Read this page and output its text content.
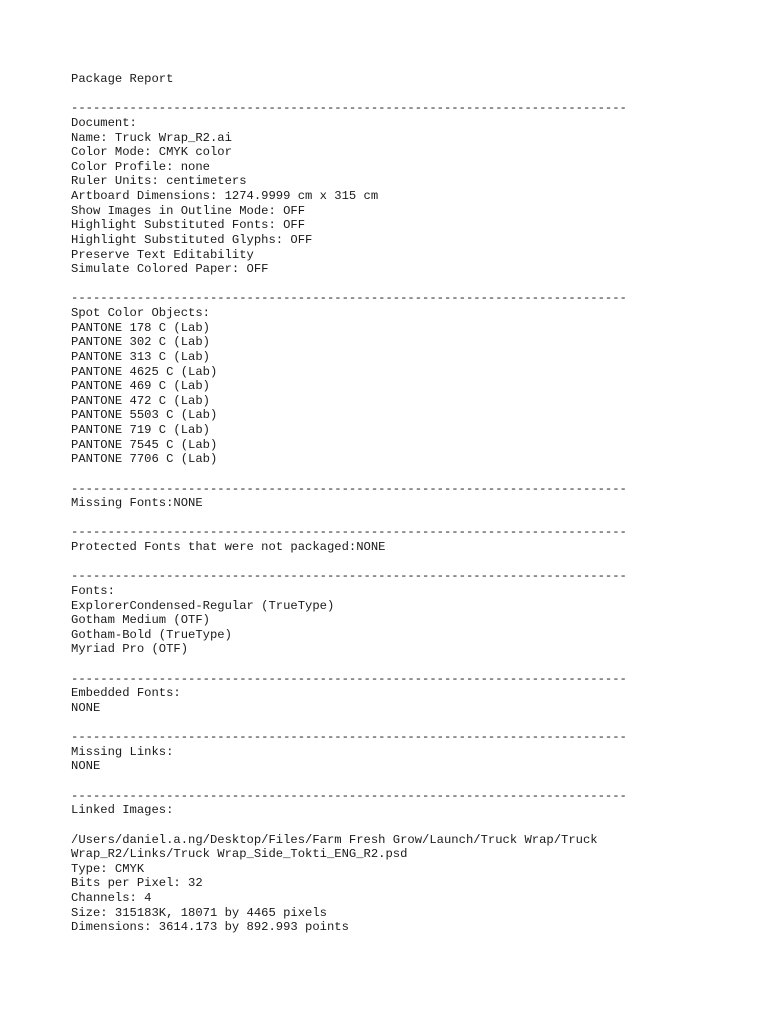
Package Report
----------------------------------------------------------------------------
Document:
Name: Truck Wrap_R2.ai
Color Mode: CMYK color
Color Profile: none
Ruler Units: centimeters
Artboard Dimensions: 1274.9999 cm x 315 cm
Show Images in Outline Mode: OFF
Highlight Substituted Fonts: OFF
Highlight Substituted Glyphs: OFF
Preserve Text Editability
Simulate Colored Paper: OFF
----------------------------------------------------------------------------
Spot Color Objects:
PANTONE 178 C (Lab)
PANTONE 302 C (Lab)
PANTONE 313 C (Lab)
PANTONE 4625 C (Lab)
PANTONE 469 C (Lab)
PANTONE 472 C (Lab)
PANTONE 5503 C (Lab)
PANTONE 719 C (Lab)
PANTONE 7545 C (Lab)
PANTONE 7706 C (Lab)
----------------------------------------------------------------------------
Missing Fonts:NONE
----------------------------------------------------------------------------
Protected Fonts that were not packaged:NONE
----------------------------------------------------------------------------
Fonts:
ExplorerCondensed-Regular (TrueType)
Gotham Medium (OTF)
Gotham-Bold (TrueType)
Myriad Pro (OTF)
----------------------------------------------------------------------------
Embedded Fonts:
NONE
----------------------------------------------------------------------------
Missing Links:
NONE
----------------------------------------------------------------------------
Linked Images:
/Users/daniel.a.ng/Desktop/Files/Farm Fresh Grow/Launch/Truck Wrap/Truck
Wrap_R2/Links/Truck Wrap_Side_Tokti_ENG_R2.psd
Type: CMYK
Bits per Pixel: 32
Channels: 4
Size: 315183K, 18071 by 4465 pixels
Dimensions: 3614.173 by 892.993 points
